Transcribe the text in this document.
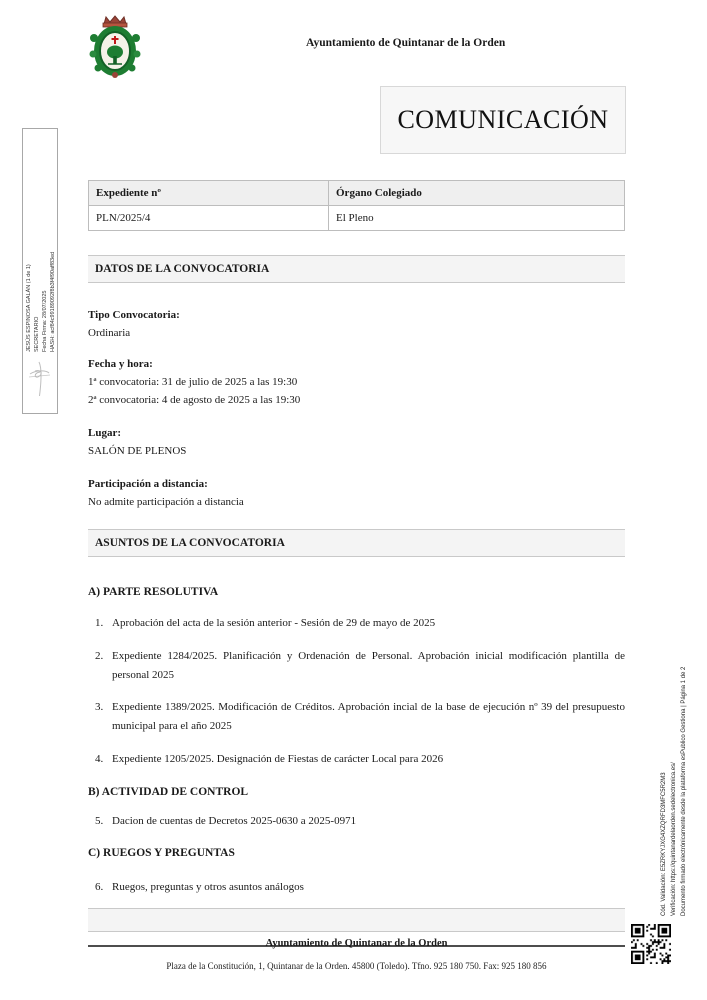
Ayuntamiento de Quintanar de la Orden
COMUNICACIÓN
Expediente nº	Órgano Colegiado
PLN/2025/4	El Pleno
DATOS DE LA CONVOCATORIA
Tipo Convocatoria:
Ordinaria
Fecha y hora:
1ª convocatoria: 31 de julio de 2025 a las 19:30
2ª convocatoria: 4 de agosto de 2025 a las 19:30
Lugar:
SALÓN DE PLENOS
Participación a distancia:
No admite participación a distancia
ASUNTOS DE LA CONVOCATORIA
A) PARTE RESOLUTIVA
1. Aprobación del acta de la sesión anterior - Sesión de 29 de mayo de 2025
2. Expediente 1284/2025. Planificación y Ordenación de Personal. Aprobación inicial modificación plantilla de personal 2025
3. Expediente 1389/2025. Modificación de Créditos. Aprobación incial de la base de ejecución nº 39 del presupuesto municipal para el año 2025
4. Expediente 1205/2025. Designación de Fiestas de carácter Local para 2026
B) ACTIVIDAD DE CONTROL
5. Dacion de cuentas de Decretos 2025-0630 a 2025-0971
C) RUEGOS Y PREGUNTAS
6. Ruegos, preguntas y otros asuntos análogos
Ayuntamiento de Quintanar de la Orden
Plaza de la Constitución, 1, Quintanar de la Orden. 45800 (Toledo). Tfno. 925 180 750. Fax: 925 180 856
JESÚS ESPINOSA GALÁN (1 de 1) SECRETARIO Fecha Firma: 28/07/2025 HASH: acf84c99189092f8b3f4f90aff83ed
Cód. Validación: E5ZRKYJXG4XZQRFD3MFC5R2M3 Verificación: https://quintanardelaorden.sedelectronica.es/ Documento firmado electrónicamente desde la plataforma esPublico Gestiona | Página 1 de 2
